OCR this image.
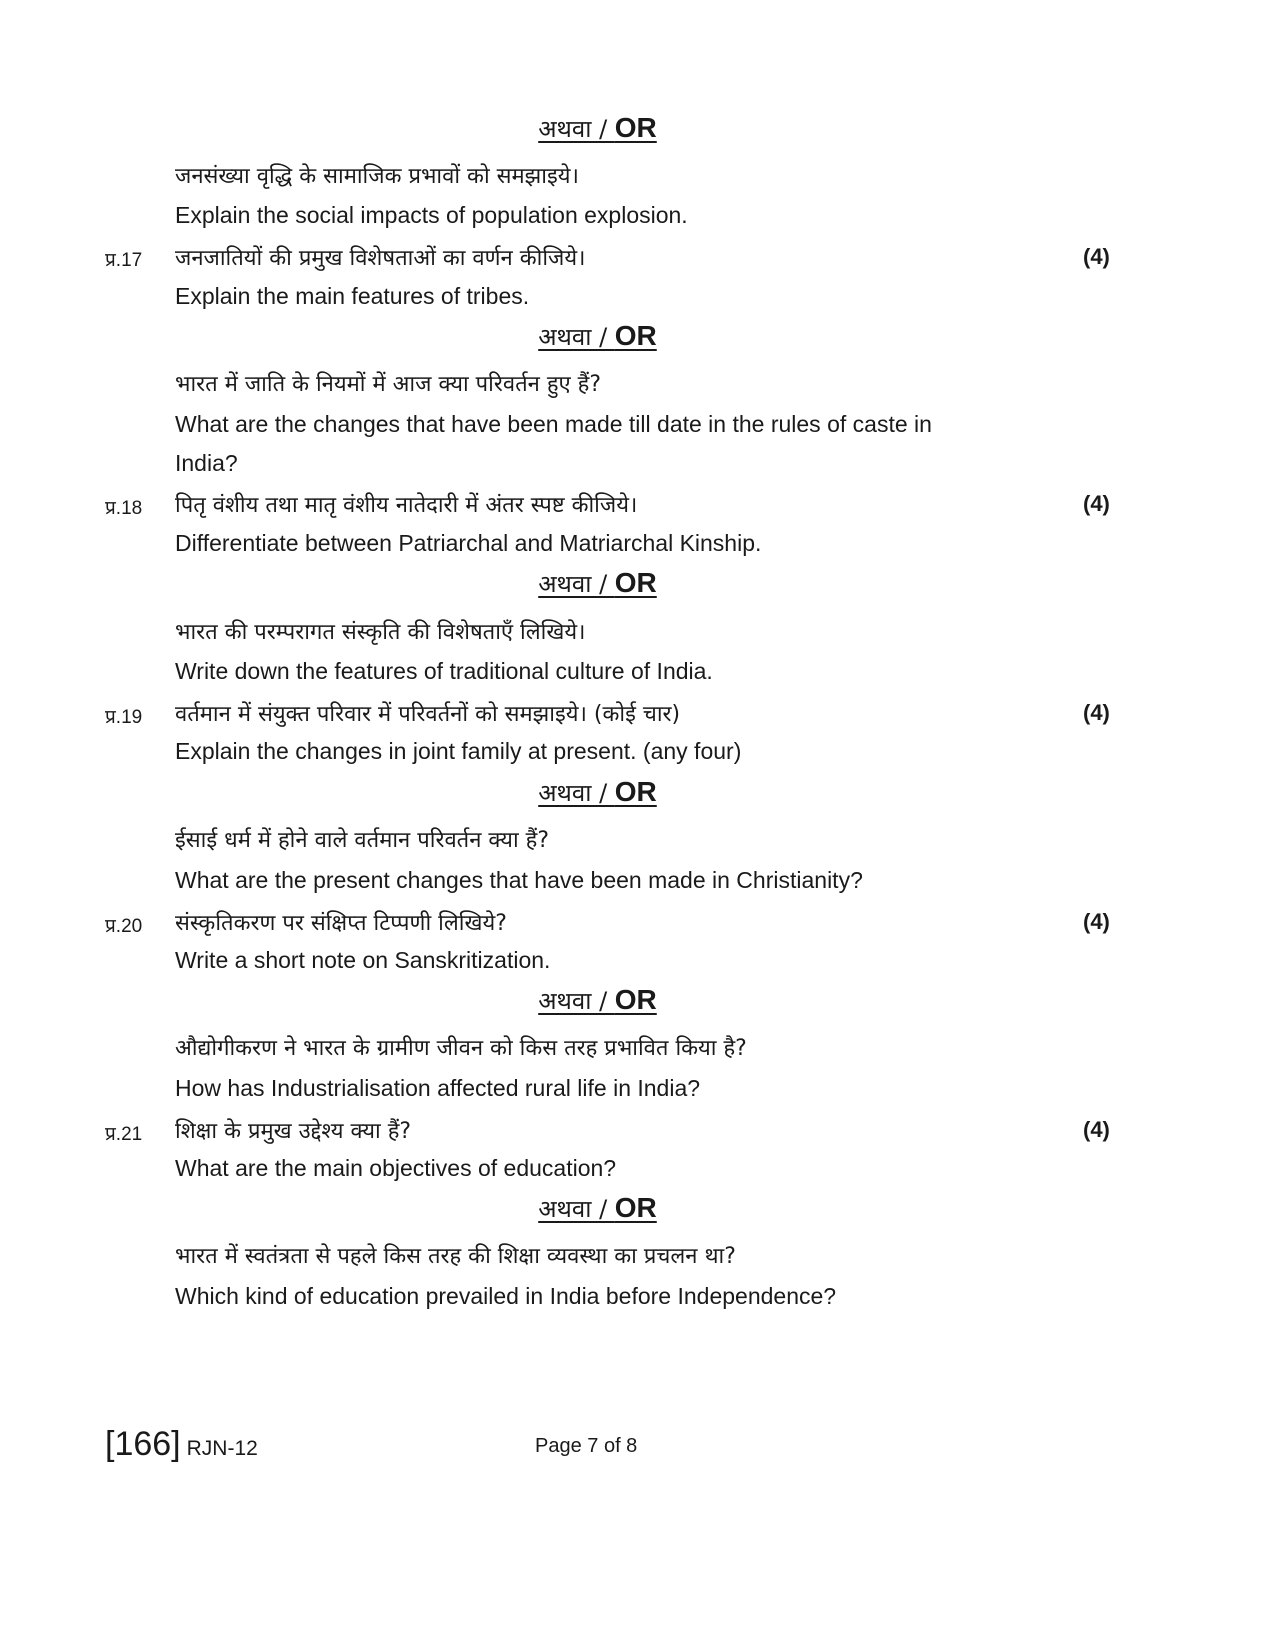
अथवा / OR
जनसंख्या वृद्धि के सामाजिक प्रभावों को समझाइये।
Explain the social impacts of population explosion.
प्र.17 जनजातियों की प्रमुख विशेषताओं का वर्णन कीजिये।	(4)
Explain the main features of tribes.
अथवा / OR
भारत में जाति के नियमों में आज क्या परिवर्तन हुए हैं?
What are the changes that have been made till date in the rules of caste in
India?
प्र.18 पितृ वंशीय तथा मातृ वंशीय नातेदारी में अंतर स्पष्ट कीजिये।	(4)
Differentiate between Patriarchal and Matriarchal Kinship.
अथवा / OR
भारत की परम्परागत संस्कृति की विशेषताएँ लिखिये।
Write down the features of traditional culture of India.
प्र.19 वर्तमान में संयुक्त परिवार में परिवर्तनों को समझाइये। (कोई चार)	(4)
Explain the changes in joint family at present. (any four)
अथवा / OR
ईसाई धर्म में होने वाले वर्तमान परिवर्तन क्या हैं?
What are the present changes that have been made in Christianity?
प्र.20 संस्कृतिकरण पर संक्षिप्त टिप्पणी लिखिये?	(4)
Write a short note on Sanskritization.
अथवा / OR
औद्योगीकरण ने भारत के ग्रामीण जीवन को किस तरह प्रभावित किया है?
How has Industrialisation affected rural life in India?
प्र.21 शिक्षा के प्रमुख उद्देश्य क्या हैं?	(4)
What are the main objectives of education?
अथवा / OR
भारत में स्वतंत्रता से पहले किस तरह की शिक्षा व्यवस्था का प्रचलन था?
Which kind of education prevailed in India before Independence?
[166] RJN-12	Page 7 of 8
